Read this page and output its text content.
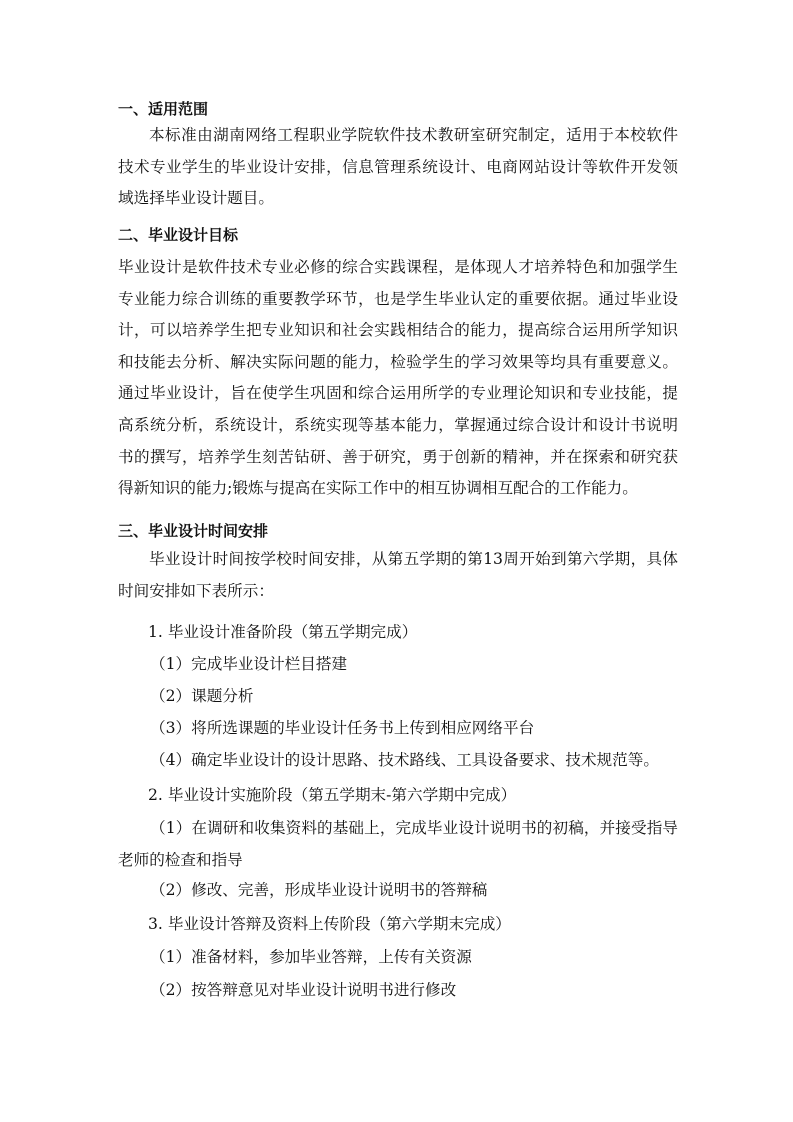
一、适用范围
本标准由湖南网络工程职业学院软件技术教研室研究制定，适用于本校软件技术专业学生的毕业设计安排，信息管理系统设计、电商网站设计等软件开发领域选择毕业设计题目。
二、毕业设计目标
毕业设计是软件技术专业必修的综合实践课程，是体现人才培养特色和加强学生专业能力综合训练的重要教学环节，也是学生毕业认定的重要依据。通过毕业设计，可以培养学生把专业知识和社会实践相结合的能力，提高综合运用所学知识和技能去分析、解决实际问题的能力，检验学生的学习效果等均具有重要意义。通过毕业设计，旨在使学生巩固和综合运用所学的专业理论知识和专业技能，提高系统分析，系统设计，系统实现等基本能力，掌握通过综合设计和设计书说明书的撰写，培养学生刻苦钻研、善于研究，勇于创新的精神，并在探索和研究获得新知识的能力;锻炼与提高在实际工作中的相互协调相互配合的工作能力。
三、毕业设计时间安排
毕业设计时间按学校时间安排，从第五学期的第13周开始到第六学期，具体时间安排如下表所示：
1. 毕业设计准备阶段（第五学期完成）
（1）完成毕业设计栏目搭建
（2）课题分析
（3）将所选课题的毕业设计任务书上传到相应网络平台
（4）确定毕业设计的设计思路、技术路线、工具设备要求、技术规范等。
2. 毕业设计实施阶段（第五学期末-第六学期中完成）
（1）在调研和收集资料的基础上，完成毕业设计说明书的初稿，并接受指导老师的检查和指导
（2）修改、完善，形成毕业设计说明书的答辩稿
3. 毕业设计答辩及资料上传阶段（第六学期末完成）
（1）准备材料，参加毕业答辩，上传有关资源
（2）按答辩意见对毕业设计说明书进行修改
